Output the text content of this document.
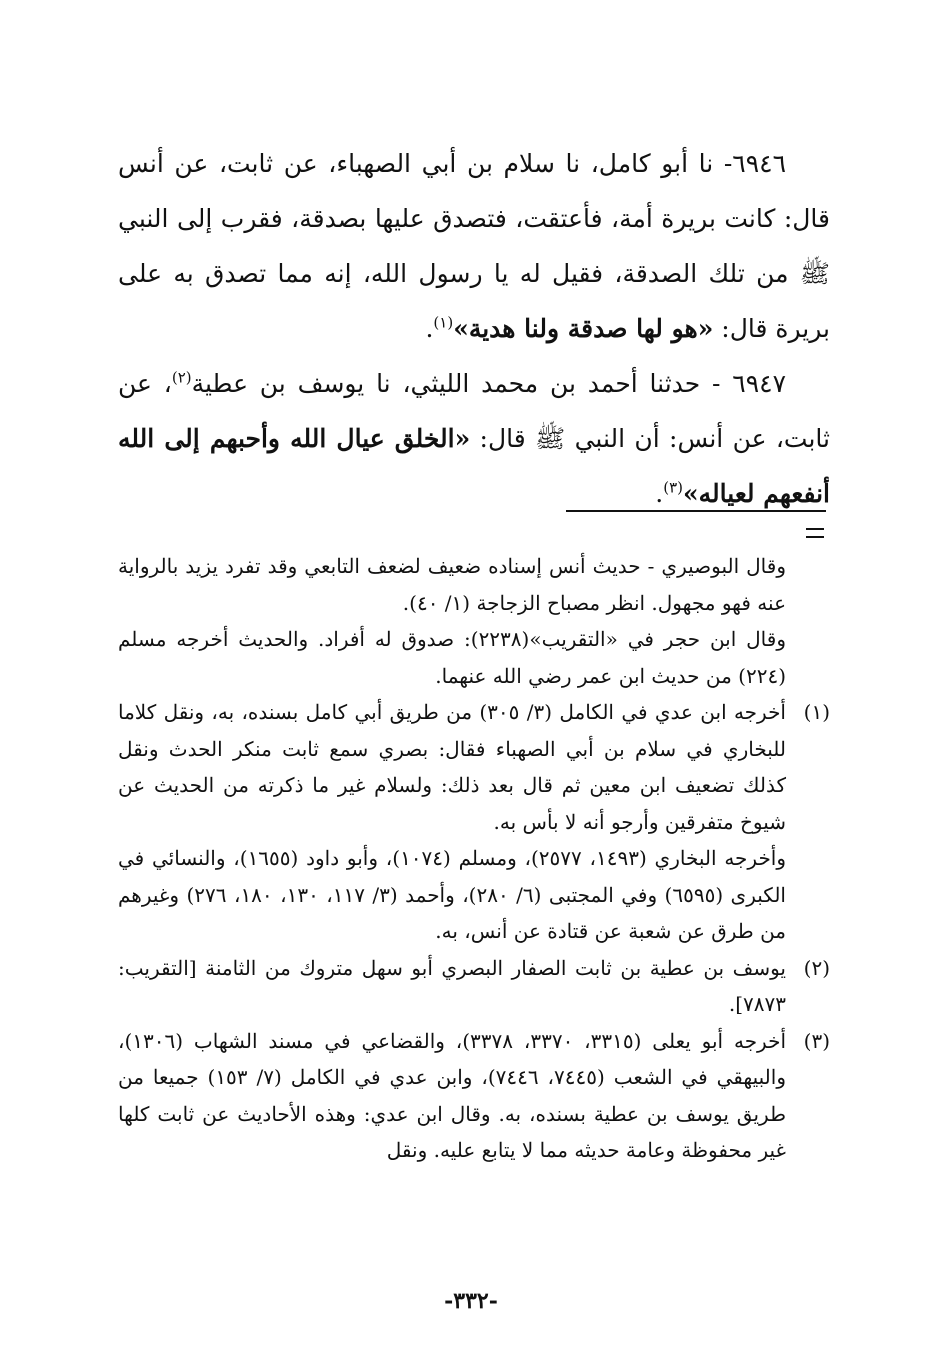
٦٩٤٦- نا أبو كامل، نا سلام بن أبي الصهباء، عن ثابت، عن أنس قال: كانت بريرة أمة، فأعتقت، فتصدق عليها بصدقة، فقرب إلى النبي ﷺ من تلك الصدقة، فقيل له يا رسول الله، إنه مما تصدق به على بريرة قال: «هو لها صدقة ولنا هدية»$^{(١)}$.

٦٩٤٧ - حدثنا أحمد بن محمد الليثي، نا يوسف بن عطية$^{(٢)}$، عن ثابت، عن أنس: أن النبي ﷺ قال: «الخلق عيال الله وأحبهم إلى الله أنفعهم لعياله»$^{(٣)}$.

وقال البوصيري - حديث أنس إسناده ضعيف لضعف التابعي وقد تفرد يزيد بالرواية عنه فهو مجهول. انظر مصباح الزجاجة (١/ ٤٠).

وقال ابن حجر في «التقريب»(٢٢٣٨): صدوق له أفراد. والحديث أخرجه مسلم (٢٢٤) من حديث ابن عمر رضي الله عنهما.

(١)

أخرجه ابن عدي في الكامل (٣/ ٣٠٥) من طريق أبي كامل بسنده، به، ونقل كلاما للبخاري في سلام بن أبي الصهباء فقال: بصري سمع ثابت منكر الحدث ونقل كذلك تضعيف ابن معين ثم قال بعد ذلك: ولسلام غير ما ذكرته من الحديث عن شيوخ متفرقين وأرجو أنه لا بأس به.

وأخرجه البخاري (١٤٩٣، ٢٥٧٧)، ومسلم (١٠٧٤)، وأبو داود (١٦٥٥)، والنسائي في الكبرى (٦٥٩٥) وفي المجتبى (٦/ ٢٨٠)، وأحمد (٣/ ١١٧، ١٣٠، ١٨٠، ٢٧٦) وغيرهم من طرق عن شعبة عن قتادة عن أنس، به.

(٢)

يوسف بن عطية بن ثابت الصفار البصري أبو سهل متروك من الثامنة [التقريب: ٧٨٧٣].

(٣)

أخرجه أبو يعلى (٣٣١٥، ٣٣٧٠، ٣٣٧٨)، والقضاعي في مسند الشهاب (١٣٠٦)، والبيهقي في الشعب (٧٤٤٥، ٧٤٤٦)، وابن عدي في الكامل (٧/ ١٥٣) جميعا من طريق يوسف بن عطية بسنده، به. وقال ابن عدي: وهذه الأحاديث عن ثابت كلها غير محفوظة وعامة حديثه مما لا يتابع عليه. ونقل

-٣٣٢-
